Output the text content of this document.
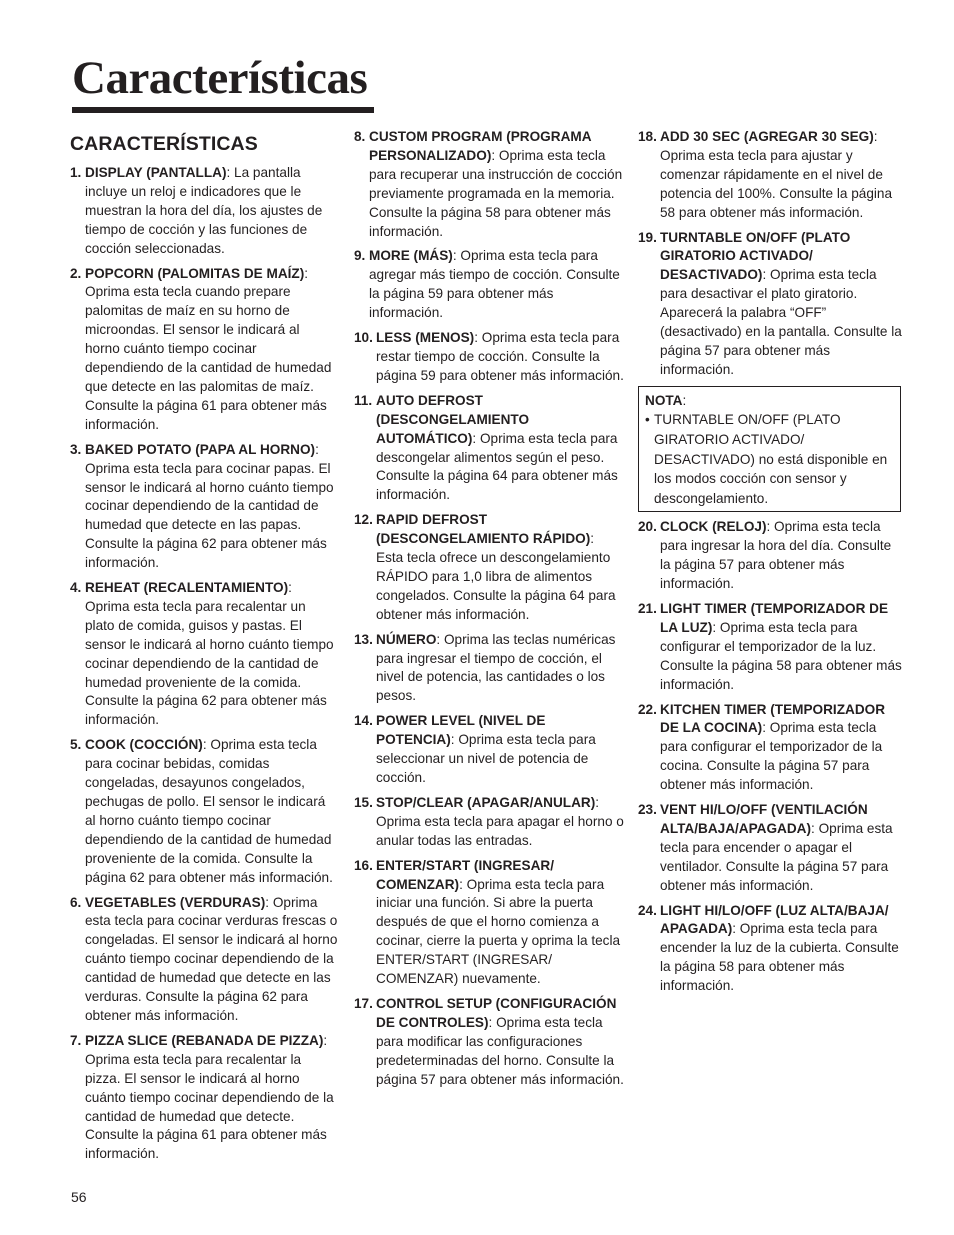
Características
CARACTERÍSTICAS
1. DISPLAY (PANTALLA): La pantalla incluye un reloj e indicadores que le muestran la hora del día, los ajustes de tiempo de cocción y las funciones de cocción seleccionadas.
2. POPCORN (PALOMITAS DE MAÍZ): Oprima esta tecla cuando prepare palomitas de maíz en su horno de microondas. El sensor le indicará al horno cuánto tiempo cocinar dependiendo de la cantidad de humedad que detecte en las palomitas de maíz. Consulte la página 61 para obtener más información.
3. BAKED POTATO (PAPA AL HORNO): Oprima esta tecla para cocinar papas. El sensor le indicará al horno cuánto tiempo cocinar dependiendo de la cantidad de humedad que detecte en las papas. Consulte la página 62 para obtener más información.
4. REHEAT (RECALENTAMIENTO): Oprima esta tecla para recalentar un plato de comida, guisos y pastas. El sensor le indicará al horno cuánto tiempo cocinar dependiendo de la cantidad de humedad proveniente de la comida. Consulte la página 62 para obtener más información.
5. COOK (COCCIÓN): Oprima esta tecla para cocinar bebidas, comidas congeladas, desayunos congelados, pechugas de pollo. El sensor le indicará al horno cuánto tiempo cocinar dependiendo de la cantidad de humedad proveniente de la comida. Consulte la página 62 para obtener más información.
6. VEGETABLES (VERDURAS): Oprima esta tecla para cocinar verduras frescas o congeladas. El sensor le indicará al horno cuánto tiempo cocinar dependiendo de la cantidad de humedad que detecte en las verduras. Consulte la página 62 para obtener más información.
7. PIZZA SLICE (REBANADA DE PIZZA): Oprima esta tecla para recalentar la pizza. El sensor le indicará al horno cuánto tiempo cocinar dependiendo de la cantidad de humedad que detecte. Consulte la página 61 para obtener más información.
8. CUSTOM PROGRAM (PROGRAMA PERSONALIZADO): Oprima esta tecla para recuperar una instrucción de cocción previamente programada en la memoria. Consulte la página 58 para obtener más información.
9. MORE (MÁS): Oprima esta tecla para agregar más tiempo de cocción. Consulte la página 59 para obtener más información.
10. LESS (MENOS): Oprima esta tecla para restar tiempo de cocción. Consulte la página 59 para obtener más información.
11. AUTO DEFROST (DESCONGELAMIENTO AUTOMÁTICO): Oprima esta tecla para descongelar alimentos según el peso. Consulte la página 64 para obtener más información.
12. RAPID DEFROST (DESCONGELAMIENTO RÁPIDO): Esta tecla ofrece un descongelamiento RÁPIDO para 1,0 libra de alimentos congelados. Consulte la página 64 para obtener más información.
13. NÚMERO: Oprima las teclas numéricas para ingresar el tiempo de cocción, el nivel de potencia, las cantidades o los pesos.
14. POWER LEVEL (NIVEL DE POTENCIA): Oprima esta tecla para seleccionar un nivel de potencia de cocción.
15. STOP/CLEAR (APAGAR/ANULAR): Oprima esta tecla para apagar el horno o anular todas las entradas.
16. ENTER/START (INGRESAR/ COMENZAR): Oprima esta tecla para iniciar una función. Si abre la puerta después de que el horno comienza a cocinar, cierre la puerta y oprima la tecla ENTER/START (INGRESAR/ COMENZAR) nuevamente.
17. CONTROL SETUP (CONFIGURACIÓN DE CONTROLES): Oprima esta tecla para modificar las configuraciones predeterminadas del horno. Consulte la página 57 para obtener más información.
18. ADD 30 SEC (AGREGAR 30 SEG): Oprima esta tecla para ajustar y comenzar rápidamente en el nivel de potencia del 100%. Consulte la página 58 para obtener más información.
19. TURNTABLE ON/OFF (PLATO GIRATORIO ACTIVADO/ DESACTIVADO): Oprima esta tecla para desactivar el plato giratorio. Aparecerá la palabra “OFF” (desactivado) en la pantalla. Consulte la página 57 para obtener más información.
NOTA:
• TURNTABLE ON/OFF (PLATO GIRATORIO ACTIVADO/ DESACTIVADO) no está disponible en los modos cocción con sensor y descongelamiento.
20. CLOCK (RELOJ): Oprima esta tecla para ingresar la hora del día. Consulte la página 57 para obtener más información.
21. LIGHT TIMER (TEMPORIZADOR DE LA LUZ): Oprima esta tecla para configurar el temporizador de la luz. Consulte la página 58 para obtener más información.
22. KITCHEN TIMER (TEMPORIZADOR DE LA COCINA): Oprima esta tecla para configurar el temporizador de la cocina. Consulte la página 57 para obtener más información.
23. VENT HI/LO/OFF (VENTILACIÓN ALTA/BAJA/APAGADA): Oprima esta tecla para encender o apagar el ventilador. Consulte la página 57 para obtener más información.
24. LIGHT HI/LO/OFF (LUZ ALTA/BAJA/ APAGADA): Oprima esta tecla para encender la luz de la cubierta. Consulte la página 58 para obtener más información.
56
